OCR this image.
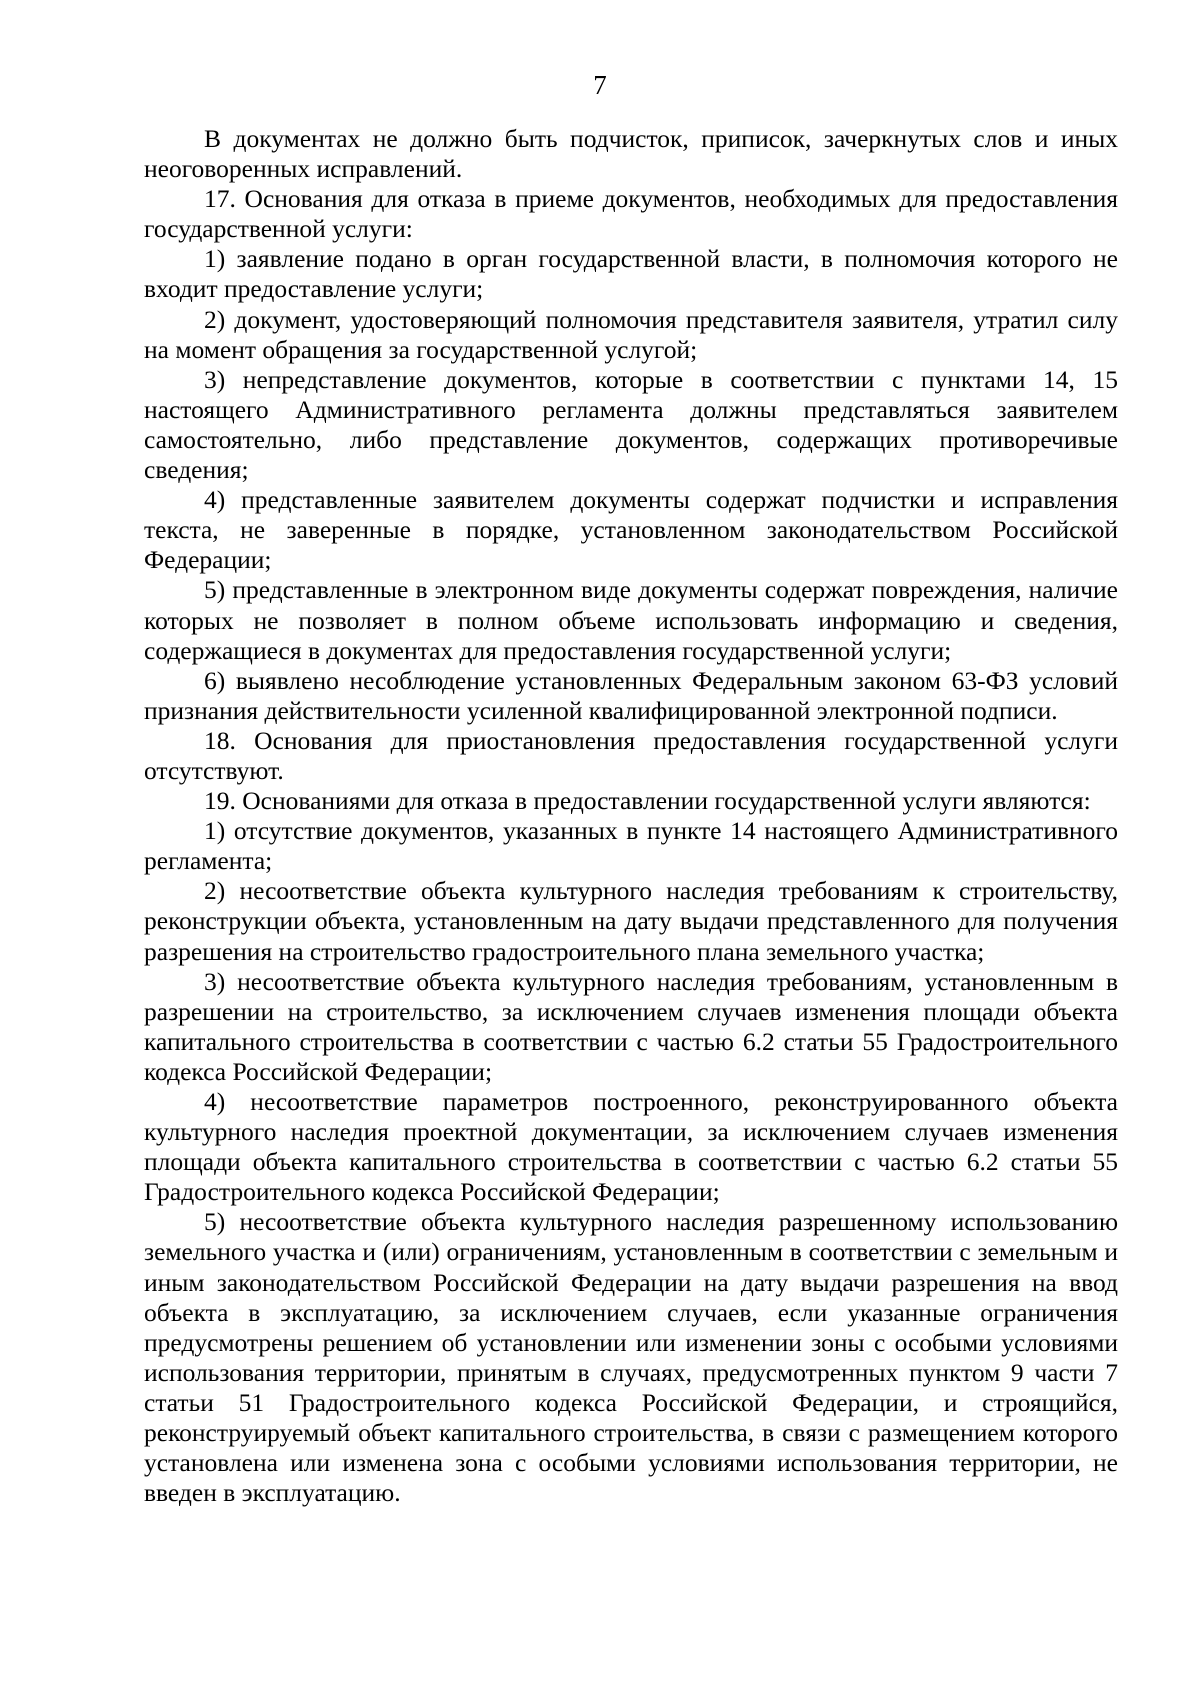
7

В документах не должно быть подчисток, приписок, зачеркнутых слов и иных неоговоренных исправлений.

17. Основания для отказа в приеме документов, необходимых для предоставления государственной услуги:

1) заявление подано в орган государственной власти, в полномочия которого не входит предоставление услуги;

2) документ, удостоверяющий полномочия представителя заявителя, утратил силу на момент обращения за государственной услугой;

3) непредставление документов, которые в соответствии с пунктами 14, 15 настоящего Административного регламента должны представляться заявителем самостоятельно, либо представление документов, содержащих противоречивые сведения;

4) представленные заявителем документы содержат подчистки и исправления текста, не заверенные в порядке, установленном законодательством Российской Федерации;

5) представленные в электронном виде документы содержат повреждения, наличие которых не позволяет в полном объеме использовать информацию и сведения, содержащиеся в документах для предоставления государственной услуги;

6) выявлено несоблюдение установленных Федеральным законом 63-ФЗ условий признания действительности усиленной квалифицированной электронной подписи.

18. Основания для приостановления предоставления государственной услуги отсутствуют.

19. Основаниями для отказа в предоставлении государственной услуги являются:

1) отсутствие документов, указанных в пункте 14 настоящего Административного регламента;

2) несоответствие объекта культурного наследия требованиям к строительству, реконструкции объекта, установленным на дату выдачи представленного для получения разрешения на строительство градостроительного плана земельного участка;

3) несоответствие объекта культурного наследия требованиям, установленным в разрешении на строительство, за исключением случаев изменения площади объекта капитального строительства в соответствии с частью 6.2 статьи 55 Градостроительного кодекса Российской Федерации;

4) несоответствие параметров построенного, реконструированного объекта культурного наследия проектной документации, за исключением случаев изменения площади объекта капитального строительства в соответствии с частью 6.2 статьи 55 Градостроительного кодекса Российской Федерации;

5) несоответствие объекта культурного наследия разрешенному использованию земельного участка и (или) ограничениям, установленным в соответствии с земельным и иным законодательством Российской Федерации на дату выдачи разрешения на ввод объекта в эксплуатацию, за исключением случаев, если указанные ограничения предусмотрены решением об установлении или изменении зоны с особыми условиями использования территории, принятым в случаях, предусмотренных пунктом 9 части 7 статьи 51 Градостроительного кодекса Российской Федерации, и строящийся, реконструируемый объект капитального строительства, в связи с размещением которого установлена или изменена зона с особыми условиями использования территории, не введен в эксплуатацию.
